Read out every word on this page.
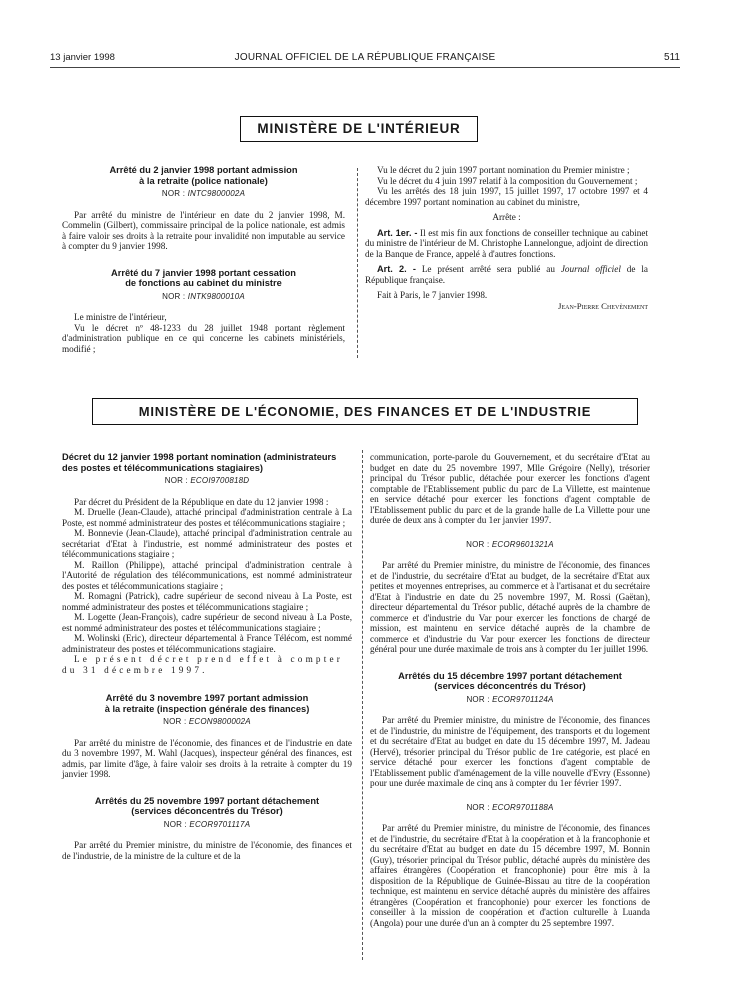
13 janvier 1998	JOURNAL OFFICIEL DE LA RÉPUBLIQUE FRANÇAISE	511
MINISTÈRE DE L'INTÉRIEUR

Arrêté du 2 janvier 1998 portant admission

à la retraite (police nationale)

NOR : INTC9800002A

Par arrêté du ministre de l'intérieur en date du 2 janvier 1998, M. Commelin (Gilbert), commissaire principal de la police nationale, est admis à faire valoir ses droits à la retraite pour invalidité non imputable au service à compter du 9 janvier 1998.

Arrêté du 7 janvier 1998 portant cessation

de fonctions au cabinet du ministre

NOR : INTK9800010A

Le ministre de l'intérieur,

Vu le décret nº 48-1233 du 28 juillet 1948 portant règlement d'administration publique en ce qui concerne les cabinets ministériels, modifié ;

Vu le décret du 2 juin 1997 portant nomination du Premier ministre ;

Vu le décret du 4 juin 1997 relatif à la composition du Gouvernement ;

Vu les arrêtés des 18 juin 1997, 15 juillet 1997, 17 octobre 1997 et 4 décembre 1997 portant nomination au cabinet du ministre,

Arrête :

Art. 1er. - Il est mis fin aux fonctions de conseiller technique au cabinet du ministre de l'intérieur de M. Christophe Lannelongue, adjoint de direction de la Banque de France, appelé à d'autres fonctions.

Art. 2. - Le présent arrêté sera publié au Journal officiel de la République française.

Fait à Paris, le 7 janvier 1998.

Jean-Pierre Chevènement

MINISTÈRE DE L'ÉCONOMIE, DES FINANCES ET DE L'INDUSTRIE

Décret du 12 janvier 1998 portant nomination (administrateurs des postes et télécommunications stagiaires)

NOR : ECOI9700818D

Par décret du Président de la République en date du 12 janvier 1998 :

M. Druelle (Jean-Claude), attaché principal d'administration centrale à La Poste, est nommé administrateur des postes et télécommunications stagiaire ;

M. Bonnevie (Jean-Claude), attaché principal d'administration centrale au secrétariat d'Etat à l'industrie, est nommé administrateur des postes et télécommunications stagiaire ;

M. Raillon (Philippe), attaché principal d'administration centrale à l'Autorité de régulation des télécommunications, est nommé administrateur des postes et télécommunications stagiaire ;

M. Romagni (Patrick), cadre supérieur de second niveau à La Poste, est nommé administrateur des postes et télécommunications stagiaire ;

M. Logette (Jean-François), cadre supérieur de second niveau à La Poste, est nommé administrateur des postes et télécommunications stagiaire ;

M. Wolinski (Eric), directeur départemental à France Télécom, est nommé administrateur des postes et télécommunications stagiaire.

Le présent décret prend effet à compter du 31 décembre 1997.

Arrêté du 3 novembre 1997 portant admission

à la retraite (inspection générale des finances)

NOR : ECON9800002A

Par arrêté du ministre de l'économie, des finances et de l'industrie en date du 3 novembre 1997, M. Wahl (Jacques), inspecteur général des finances, est admis, par limite d'âge, à faire valoir ses droits à la retraite à compter du 19 janvier 1998.

Arrêtés du 25 novembre 1997 portant détachement

(services déconcentrés du Trésor)

NOR : ECOR9701117A

Par arrêté du Premier ministre, du ministre de l'économie, des finances et de l'industrie, de la ministre de la culture et de la

communication, porte-parole du Gouvernement, et du secrétaire d'Etat au budget en date du 25 novembre 1997, Mlle Grégoire (Nelly), trésorier principal du Trésor public, détachée pour exercer les fonctions d'agent comptable de l'Etablissement public du parc de La Villette, est maintenue en service détaché pour exercer les fonctions d'agent comptable de l'Etablissement public du parc et de la grande halle de La Villette pour une durée de deux ans à compter du 1er janvier 1997.

NOR : ECOR9601321A

Par arrêté du Premier ministre, du ministre de l'économie, des finances et de l'industrie, du secrétaire d'Etat au budget, de la secrétaire d'Etat aux petites et moyennes entreprises, au commerce et à l'artisanat et du secrétaire d'Etat à l'industrie en date du 25 novembre 1997, M. Rossi (Gaëtan), directeur départemental du Trésor public, détaché auprès de la chambre de commerce et d'industrie du Var pour exercer les fonctions de chargé de mission, est maintenu en service détaché auprès de la chambre de commerce et d'industrie du Var pour exercer les fonctions de directeur général pour une durée maximale de trois ans à compter du 1er juillet 1996.

Arrêtés du 15 décembre 1997 portant détachement

(services déconcentrés du Trésor)

NOR : ECOR9701124A

Par arrêté du Premier ministre, du ministre de l'économie, des finances et de l'industrie, du ministre de l'équipement, des transports et du logement et du secrétaire d'Etat au budget en date du 15 décembre 1997, M. Jadeau (Hervé), trésorier principal du Trésor public de 1re catégorie, est placé en service détaché pour exercer les fonctions d'agent comptable de l'Etablissement public d'aménagement de la ville nouvelle d'Evry (Essonne) pour une durée maximale de cinq ans à compter du 1er février 1997.

NOR : ECOR9701188A

Par arrêté du Premier ministre, du ministre de l'économie, des finances et de l'industrie, du secrétaire d'Etat à la coopération et à la francophonie et du secrétaire d'Etat au budget en date du 15 décembre 1997, M. Bonnin (Guy), trésorier principal du Trésor public, détaché auprès du ministère des affaires étrangères (Coopération et francophonie) pour être mis à la disposition de la République de Guinée-Bissau au titre de la coopération technique, est maintenu en service détaché auprès du ministère des affaires étrangères (Coopération et francophonie) pour exercer les fonctions de conseiller à la mission de coopération et d'action culturelle à Luanda (Angola) pour une durée d'un an à compter du 25 septembre 1997.
